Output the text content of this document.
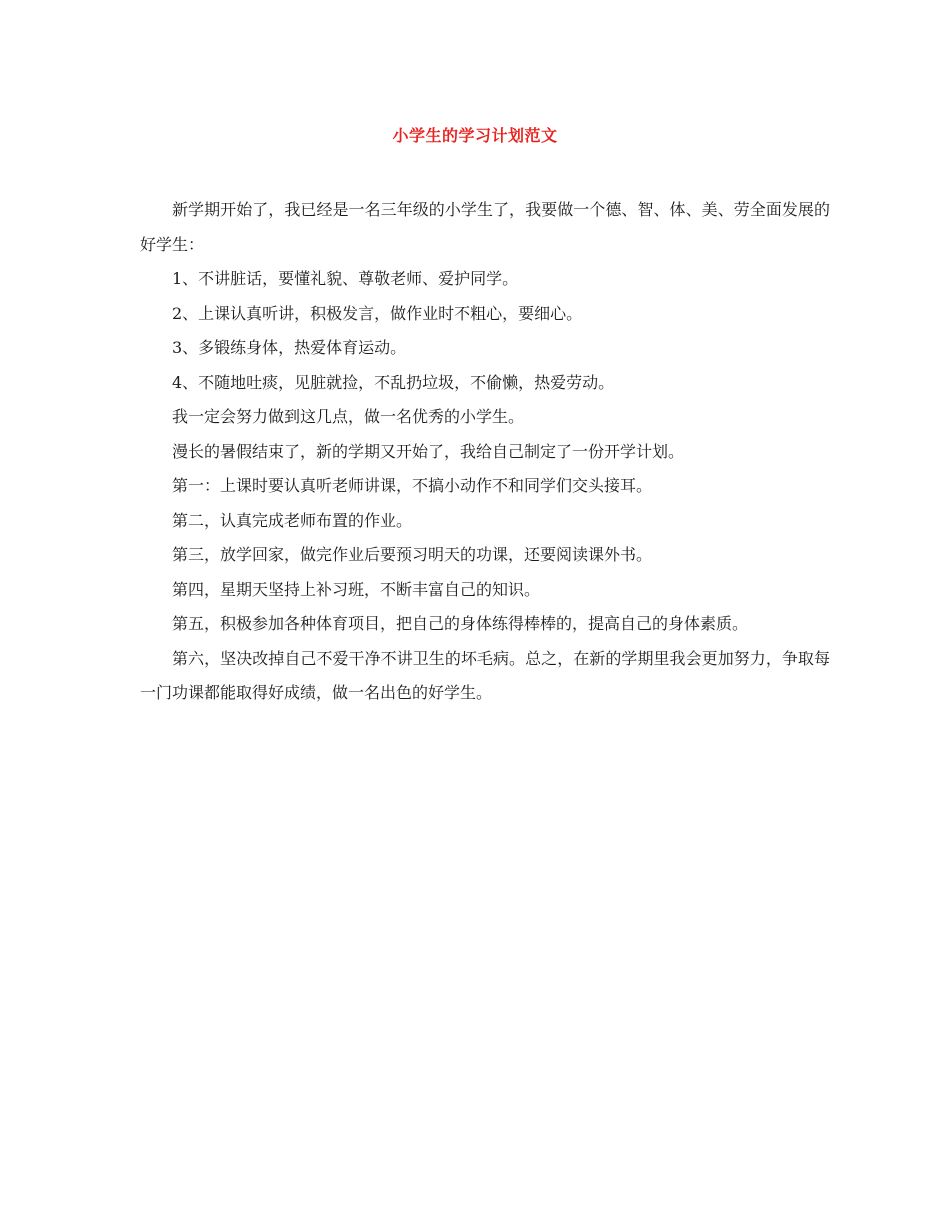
小学生的学习计划范文

新学期开始了，我已经是一名三年级的小学生了，我要做一个德、智、体、美、劳全面发展的好学生：

1、不讲脏话，要懂礼貌、尊敬老师、爱护同学。

2、上课认真听讲，积极发言，做作业时不粗心，要细心。

3、多锻练身体，热爱体育运动。

4、不随地吐痰，见脏就捡，不乱扔垃圾，不偷懒，热爱劳动。

我一定会努力做到这几点，做一名优秀的小学生。

漫长的暑假结束了，新的学期又开始了，我给自己制定了一份开学计划。

第一：上课时要认真听老师讲课，不搞小动作不和同学们交头接耳。

第二，认真完成老师布置的作业。

第三，放学回家，做完作业后要预习明天的功课，还要阅读课外书。

第四，星期天坚持上补习班，不断丰富自己的知识。

第五，积极参加各种体育项目，把自己的身体练得棒棒的，提高自己的身体素质。

第六，坚决改掉自己不爱干净不讲卫生的坏毛病。总之，在新的学期里我会更加努力，争取每一门功课都能取得好成绩，做一名出色的好学生。
